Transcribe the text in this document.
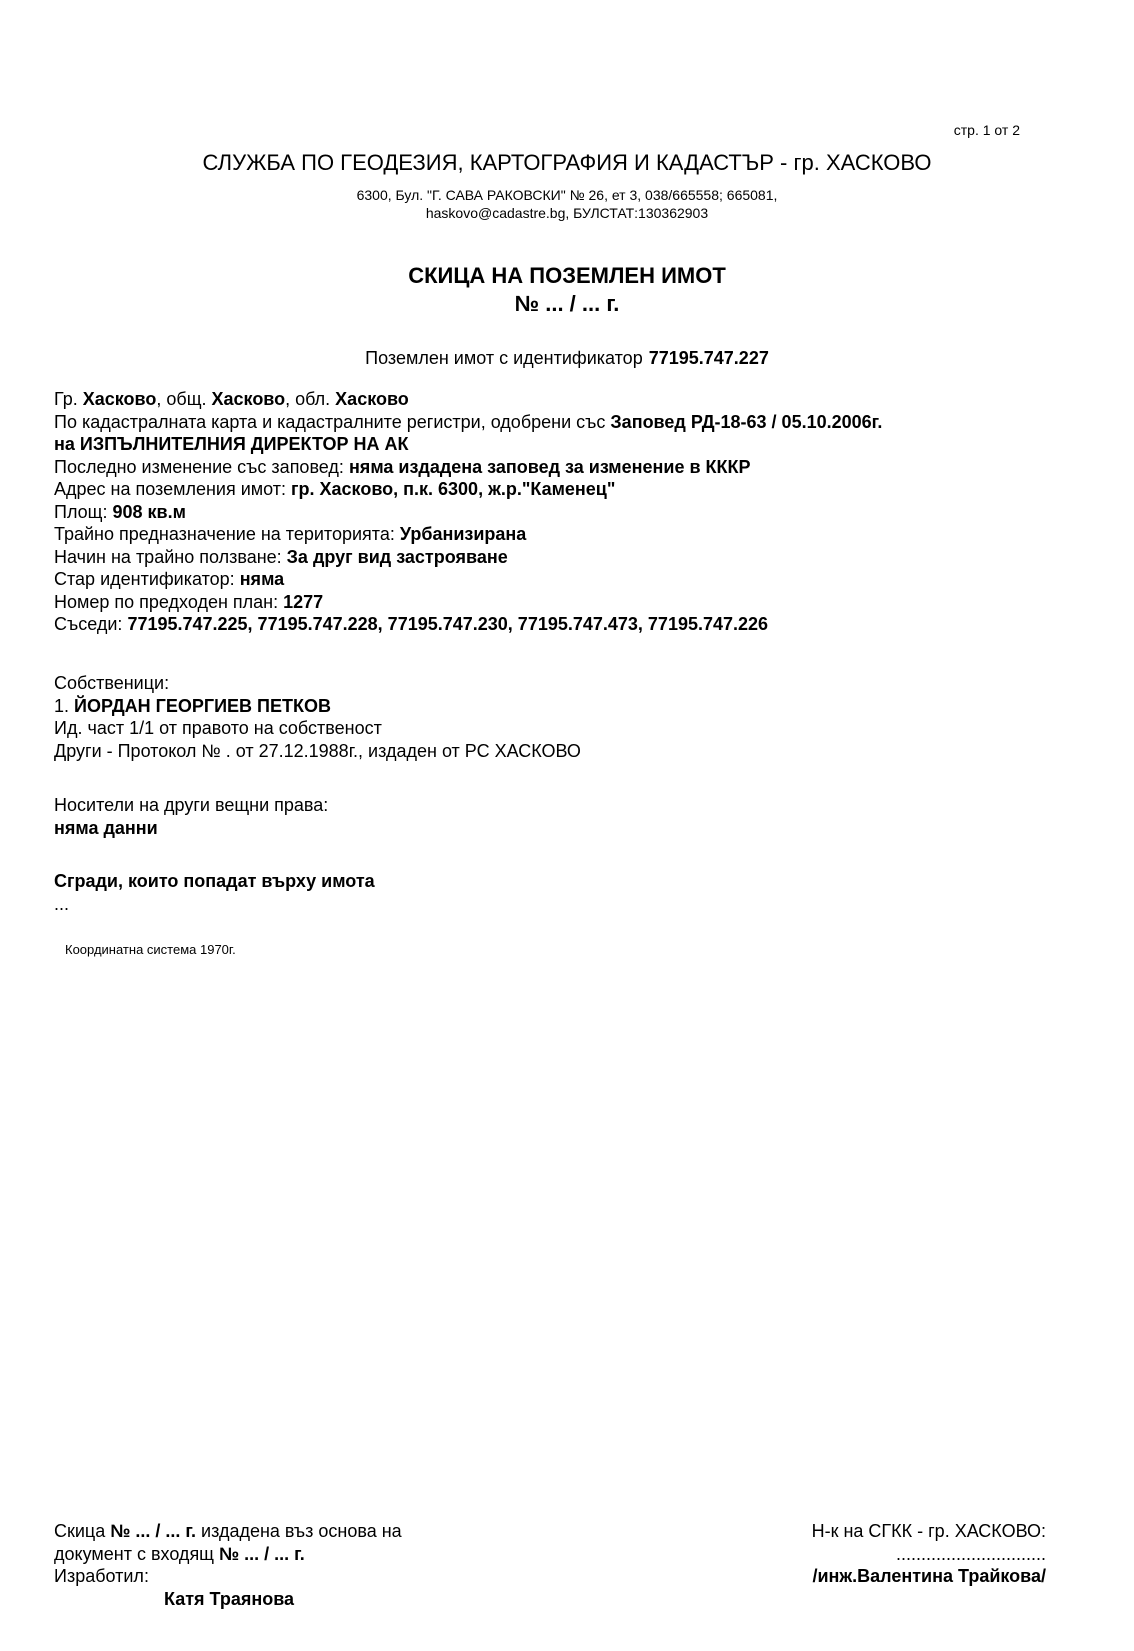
стр. 1 от 2
СЛУЖБА ПО ГЕОДЕЗИЯ, КАРТОГРАФИЯ И КАДАСТЪР - гр. ХАСКОВО
6300, Бул. "Г. САВА РАКОВСКИ" № 26, ет 3, 038/665558; 665081,
haskovo@cadastre.bg, БУЛСТАТ:130362903
СКИЦА НА ПОЗЕМЛЕН ИМОТ
№ ... / ... г.
Поземлен имот с идентификатор 77195.747.227
Гр. Хасково, общ. Хасково, обл. Хасково
По кадастралната карта и кадастралните регистри, одобрени със Заповед РД-18-63 / 05.10.2006г.
на ИЗПЪЛНИТЕЛНИЯ ДИРЕКТОР НА АК
Последно изменение със заповед: няма издадена заповед за изменение в КККР
Адрес на поземления имот: гр. Хасково, п.к. 6300, ж.р."Каменец"
Площ: 908 кв.м
Трайно предназначение на територията: Урбанизирана
Начин на трайно ползване: За друг вид застрояване
Стар идентификатор: няма
Номер по предходен план: 1277
Съседи: 77195.747.225, 77195.747.228, 77195.747.230, 77195.747.473, 77195.747.226
Собственици:
1. ЙОРДАН ГЕОРГИЕВ ПЕТКОВ
Ид. част 1/1 от правото на собственост
Други - Протокол № . от 27.12.1988г., издаден от РС ХАСКОВО
Носители на други вещни права:
няма данни
Сгради, които попадат върху имота
...
Координатна система 1970г.
Скица № ... / ... г. издадена въз основа на
документ с входящ № ... / ... г.
Изработил:
Катя Траянова
Н-к на СГКК - гр. ХАСКОВО:
..............................
/инж.Валентина Трайкова/
